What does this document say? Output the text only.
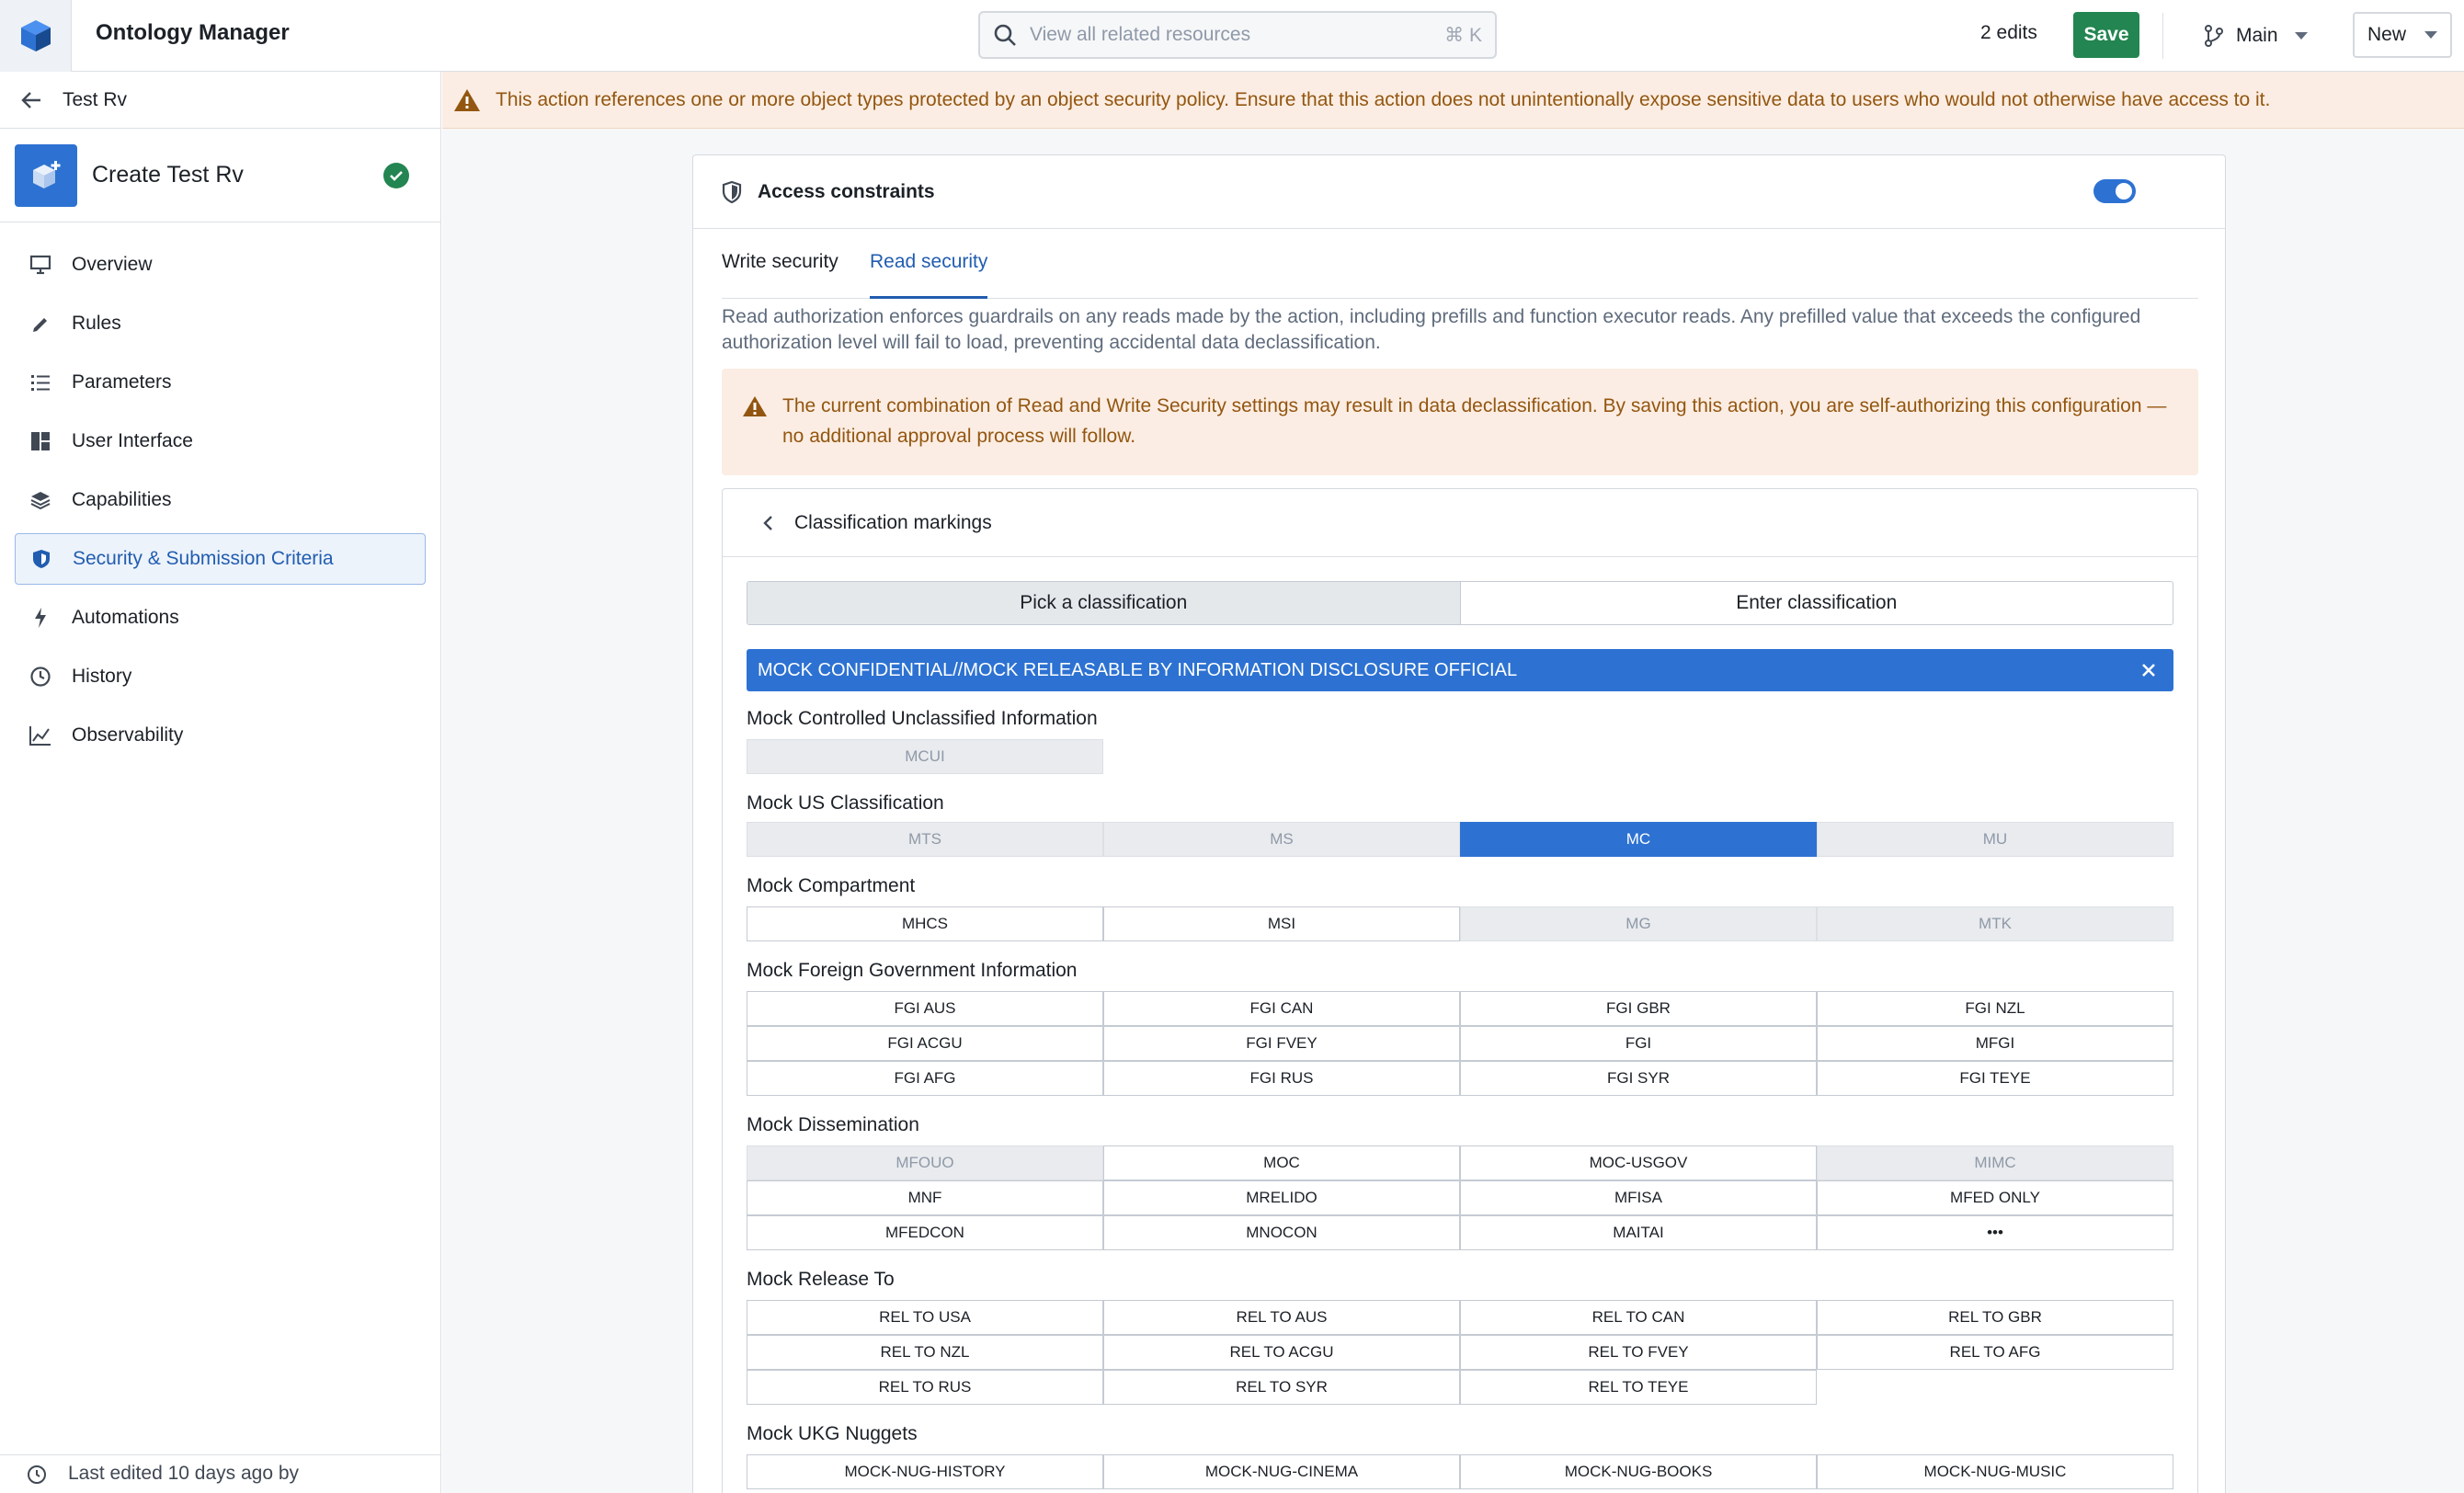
Ontology Manager	View all related resources	⌘ K	2 edits	Save	Main	New
Test Rv
Create Test Rv
Overview
Rules
Parameters
User Interface
Capabilities
Security & Submission Criteria
Automations
History
Observability
Last edited 10 days ago by
This action references one or more object types protected by an object security policy. Ensure that this action does not unintentionally expose sensitive data to users who would not otherwise have access to it.
Access constraints
Write security Read security
Read authorization enforces guardrails on any reads made by the action, including prefills and function executor reads. Any prefilled value that exceeds the configured authorization level will fail to load, preventing accidental data declassification.
The current combination of Read and Write Security settings may result in data declassification. By saving this action, you are self-authorizing this configuration — no additional approval process will follow.
Classification markings
Pick a classification	Enter classification
MOCK CONFIDENTIAL//MOCK RELEASABLE BY INFORMATION DISCLOSURE OFFICIAL
Mock Controlled Unclassified Information
MCUI
Mock US Classification
MTS	MS	MC	MU
Mock Compartment
MHCS	MSI	MG	MTK
Mock Foreign Government Information
FGI AUS	FGI CAN	FGI GBR	FGI NZL
FGI ACGU	FGI FVEY	FGI	MFGI
FGI AFG	FGI RUS	FGI SYR	FGI TEYE
Mock Dissemination
MFOUO	MOC	MOC-USGOV	MIMC
MNF	MRELIDO	MFISA	MFED ONLY
MFEDCON	MNOCON	MAITAI	•••
Mock Release To
REL TO USA	REL TO AUS	REL TO CAN	REL TO GBR
REL TO NZL	REL TO ACGU	REL TO FVEY	REL TO AFG
REL TO RUS	REL TO SYR	REL TO TEYE
Mock UKG Nuggets
MOCK-NUG-HISTORY	MOCK-NUG-CINEMA	MOCK-NUG-BOOKS	MOCK-NUG-MUSIC
